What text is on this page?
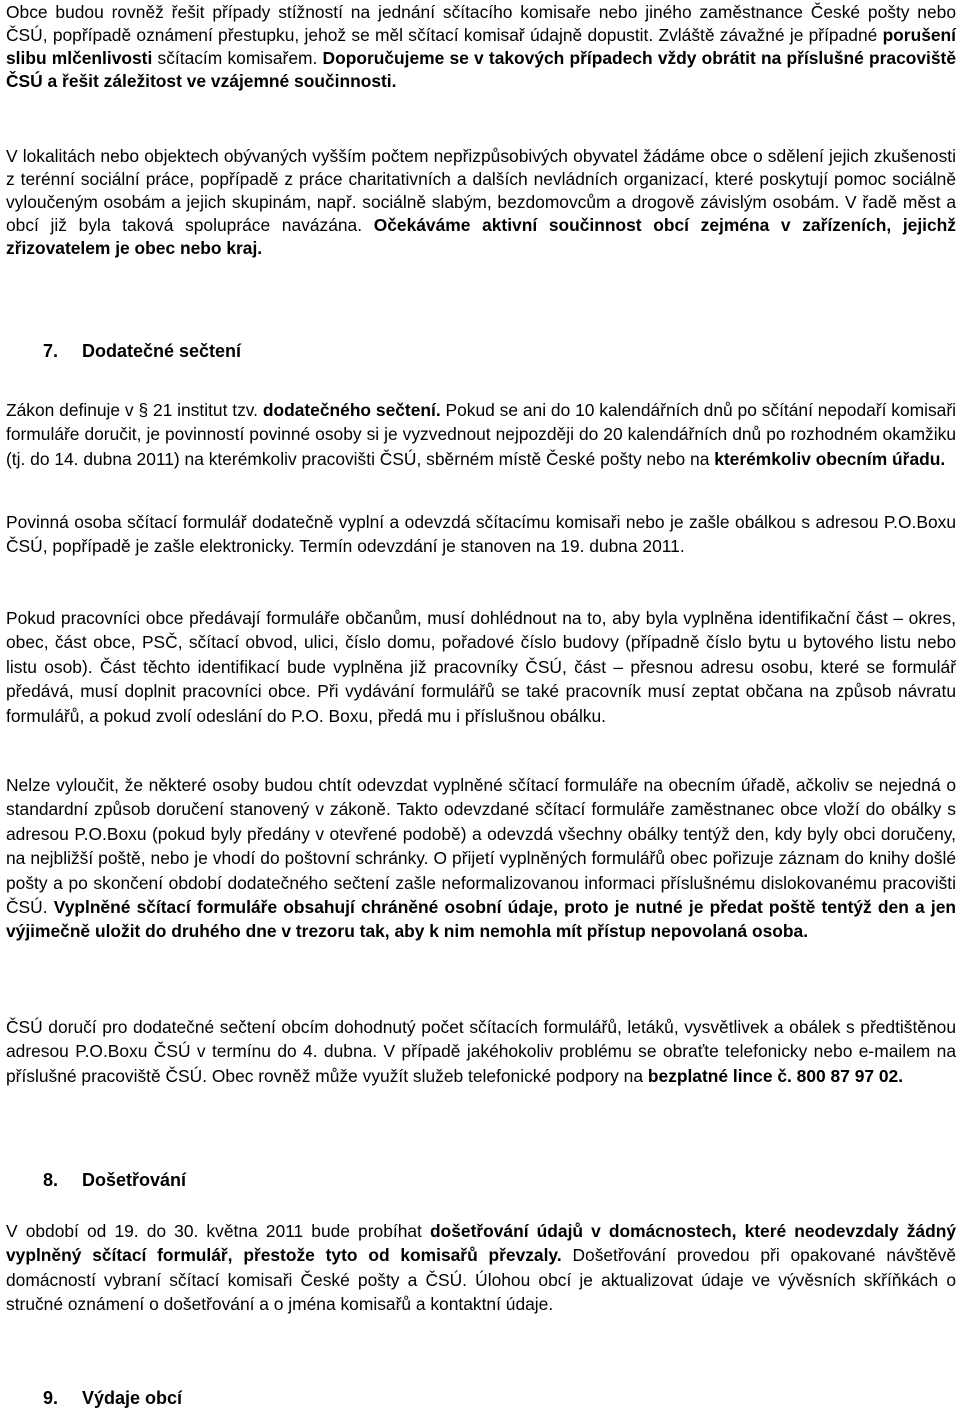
Obce budou rovněž řešit případy stížností na jednání sčítacího komisaře nebo jiného zaměstnance České pošty nebo ČSÚ, popřípadě oznámení přestupku, jehož se měl sčítací komisař údajně dopustit. Zvláště závažné je případné porušení slibu mlčenlivosti sčítacím komisařem. Doporučujeme se v takových případech vždy obrátit na příslušné pracoviště ČSÚ a řešit záležitost ve vzájemné součinnosti.

V lokalitách nebo objektech obývaných vyšším počtem nepřizpůsobivých obyvatel žádáme obce o sdělení jejich zkušenosti z terénní sociální práce, popřípadě z práce charitativních a dalších nevládních organizací, které poskytují pomoc sociálně vyloučeným osobám a jejich skupinám, např. sociálně slabým, bezdomovcům a drogově závislým osobám. V řadě měst a obcí již byla taková spolupráce navázána. Očekáváme aktivní součinnost obcí zejména v zařízeních, jejichž zřizovatelem je obec nebo kraj.

7. Dodatečné sečtení

Zákon definuje v § 21 institut tzv. dodatečného sečtení. Pokud se ani do 10 kalendářních dnů po sčítání nepodaří komisaři formuláře doručit, je povinností povinné osoby si je vyzvednout nejpozději do 20 kalendářních dnů po rozhodném okamžiku (tj. do 14. dubna 2011) na kterémkoliv pracovišti ČSÚ, sběrném místě České pošty nebo na kterémkoliv obecním úřadu.

Povinná osoba sčítací formulář dodatečně vyplní a odevzdá sčítacímu komisaři nebo je zašle obálkou s adresou P.O.Boxu ČSÚ, popřípadě je zašle elektronicky. Termín odevzdání je stanoven na 19. dubna 2011.

Pokud pracovníci obce předávají formuláře občanům, musí dohlédnout na to, aby byla vyplněna identifikační část – okres, obec, část obce, PSČ, sčítací obvod, ulici, číslo domu, pořadové číslo budovy (případně číslo bytu u bytového listu nebo listu osob). Část těchto identifikací bude vyplněna již pracovníky ČSÚ, část – přesnou adresu osobu, které se formulář předává, musí doplnit pracovníci obce. Při vydávání formulářů se také pracovník musí zeptat občana na způsob návratu formulářů, a pokud zvolí odeslání do P.O. Boxu, předá mu i příslušnou obálku.

Nelze vyloučit, že některé osoby budou chtít odevzdat vyplněné sčítací formuláře na obecním úřadě, ačkoliv se nejedná o standardní způsob doručení stanovený v zákoně. Takto odevzdané sčítací formuláře zaměstnanec obce vloží do obálky s adresou P.O.Boxu (pokud byly předány v otevřené podobě) a odevzdá všechny obálky tentýž den, kdy byly obci doručeny, na nejbližší poště, nebo je vhodí do poštovní schránky. O přijetí vyplněných formulářů obec pořizuje záznam do knihy došlé pošty a po skončení období dodatečného sečtení zašle neformalizovanou informaci příslušnému dislokovanému pracovišti ČSÚ. Vyplněné sčítací formuláře obsahují chráněné osobní údaje, proto je nutné je předat poště tentýž den a jen výjimečně uložit do druhého dne v trezoru tak, aby k nim nemohla mít přístup nepovolaná osoba.

ČSÚ doručí pro dodatečné sečtení obcím dohodnutý počet sčítacích formulářů, letáků, vysvětlivek a obálek s předtištěnou adresou P.O.Boxu ČSÚ v termínu do 4. dubna. V případě jakéhokoliv problému se obraťte telefonicky nebo e-mailem na příslušné pracoviště ČSÚ. Obec rovněž může využít služeb telefonické podpory na bezplatné lince č. 800 87 97 02.

8. Došetřování

V období od 19. do 30. května 2011 bude probíhat došetřování údajů v domácnostech, které neodevzdaly žádný vyplněný sčítací formulář, přestože tyto od komisařů převzaly. Došetřování provedou při opakované návštěvě domácností vybraní sčítací komisaři České pošty a ČSÚ. Úlohou obcí je aktualizovat údaje ve vývěsních skříňkách o stručné oznámení o došetřování a o jména komisařů a kontaktní údaje.

9. Výdaje obcí
